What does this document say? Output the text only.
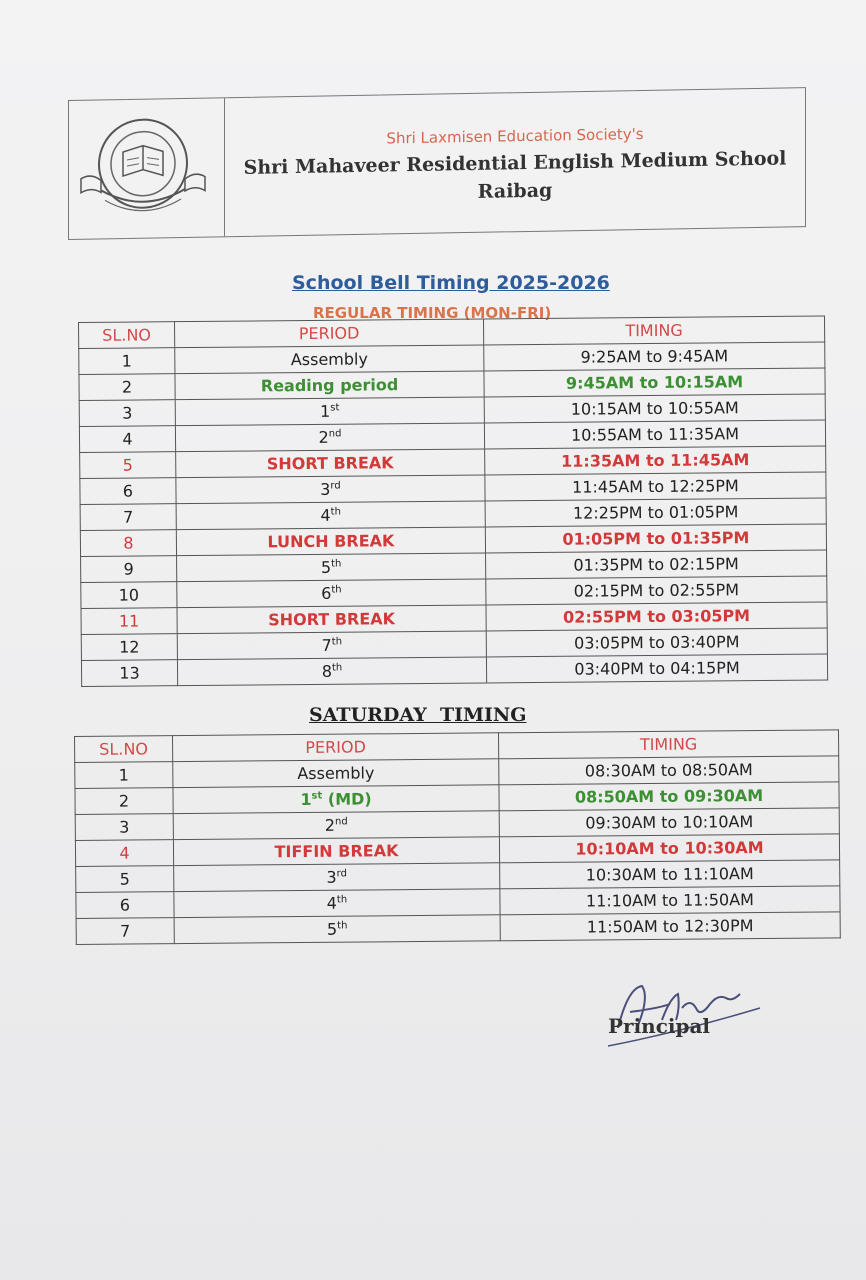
Shri Laxmisen Education Society's
Shri Mahaveer Residential English Medium School
Raibag
School Bell Timing 2025-2026
REGULAR TIMING (MON-FRI)
SL.NO	PERIOD	TIMING
1	Assembly	9:25AM to 9:45AM
2	Reading period	9:45AM to 10:15AM
3	1st	10:15AM to 10:55AM
4	2nd	10:55AM to 11:35AM
5	SHORT BREAK	11:35AM to 11:45AM
6	3rd	11:45AM to 12:25PM
7	4th	12:25PM to 01:05PM
8	LUNCH BREAK	01:05PM to 01:35PM
9	5th	01:35PM to 02:15PM
10	6th	02:15PM to 02:55PM
11	SHORT BREAK	02:55PM to 03:05PM
12	7th	03:05PM to 03:40PM
13	8th	03:40PM to 04:15PM
SATURDAY  TIMING
SL.NO	PERIOD	TIMING
1	Assembly	08:30AM to 08:50AM
2	1st (MD)	08:50AM to 09:30AM
3	2nd	09:30AM to 10:10AM
4	TIFFIN BREAK	10:10AM to 10:30AM
5	3rd	10:30AM to 11:10AM
6	4th	11:10AM to 11:50AM
7	5th	11:50AM to 12:30PM
Principal
